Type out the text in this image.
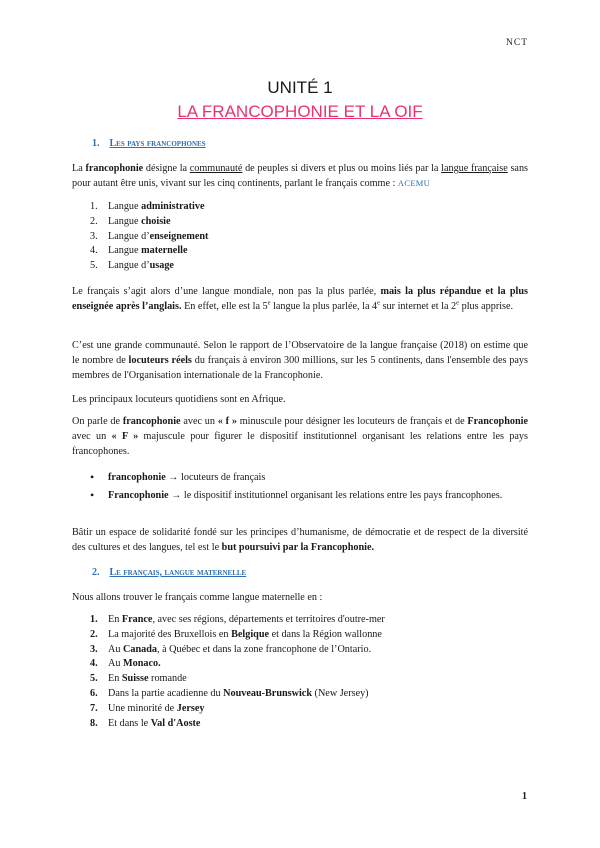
NCT
UNITÉ 1
LA FRANCOPHONIE ET LA OIF
1. Les pays francophones

La francophonie désigne la communauté de peuples si divers et plus ou moins liés par la langue française sans pour autant être unis, vivant sur les cinq continents, parlant le français comme : ACEMU

1. Langue administrative
2. Langue choisie
3. Langue d’enseignement
4. Langue maternelle
5. Langue d’usage

Le français s’agit alors d’une langue mondiale, non pas la plus parlée, mais la plus répandue et la plus enseignée après l’anglais. En effet, elle est la 5e langue la plus parlée, la 4e sur internet et la 2e plus apprise.

C’est une grande communauté. Selon le rapport de l’Observatoire de la langue française (2018) on estime que le nombre de locuteurs réels du français à environ 300 millions, sur les 5 continents, dans l'ensemble des pays membres de l'Organisation internationale de la Francophonie.

Les principaux locuteurs quotidiens sont en Afrique.

On parle de francophonie avec un « f » minuscule pour désigner les locuteurs de français et de Francophonie avec un « F » majuscule pour figurer le dispositif institutionnel organisant les relations entre les pays francophones.

• francophonie → locuteurs de français
• Francophonie → le dispositif institutionnel organisant les relations entre les pays francophones.

Bâtir un espace de solidarité fondé sur les principes d’humanisme, de démocratie et de respect de la diversité des cultures et des langues, tel est le but poursuivi par la Francophonie.

2. Le français, langue maternelle

Nous allons trouver le français comme langue maternelle en :

1. En France, avec ses régions, départements et territoires d'outre-mer
2. La majorité des Bruxellois en Belgique et dans la Région wallonne
3. Au Canada, à Québec et dans la zone francophone de l’Ontario.
4. Au Monaco.
5. En Suisse romande
6. Dans la partie acadienne du Nouveau-Brunswick (New Jersey)
7. Une minorité de Jersey
8. Et dans le Val d'Aoste
1
